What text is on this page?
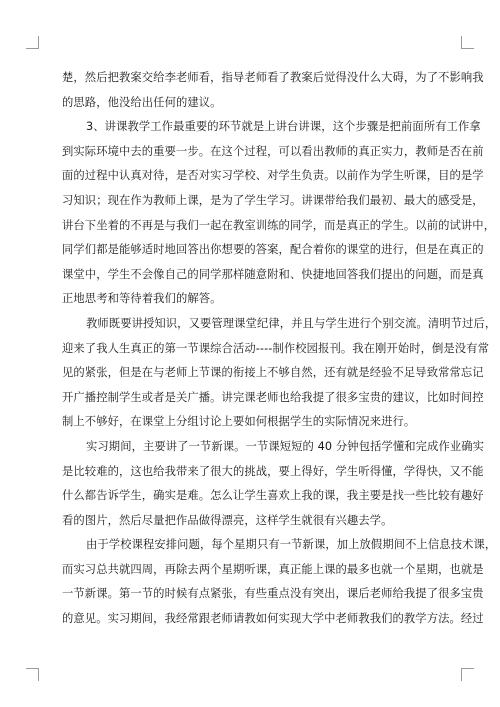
楚，然后把教案交给李老师看，指导老师看了教案后觉得没什么大碍，为了不影响我
的思路，他没给出任何的建议。
3、讲课教学工作最重要的环节就是上讲台讲课，这个步骤是把前面所有工作拿
到实际环境中去的重要一步。在这个过程，可以看出教师的真正实力，教师是否在前
面的过程中认真对待，是否对实习学校、对学生负责。以前作为学生听课，目的是学
习知识；现在作为教师上课，是为了学生学习。讲课带给我们最初、最大的感受是，
讲台下坐着的不再是与我们一起在教室训练的同学，而是真正的学生。以前的试讲中，
同学们都是能够适时地回答出你想要的答案，配合着你的课堂的进行，但是在真正的
课堂中，学生不会像自己的同学那样随意附和、快捷地回答我们提出的问题，而是真
正地思考和等待着我们的解答。
教师既要讲授知识，又要管理课堂纪律，并且与学生进行个别交流。清明节过后，
迎来了我人生真正的第一节课综合活动----制作校园报刊。我在刚开始时，倒是没有常
见的紧张，但是在与老师上节课的衔接上不够自然，还有就是经验不足导致常常忘记
开广播控制学生或者是关广播。讲完课老师也给我提了很多宝贵的建议，比如时间控
制上不够好，在课堂上分组讨论上要如何根据学生的实际情况来进行。
实习期间，主要讲了一节新课。一节课短短的 40 分钟包括学懂和完成作业确实
是比较难的，这也给我带来了很大的挑战，要上得好，学生听得懂，学得快，又不能
什么都告诉学生，确实是难。怎么让学生喜欢上我的课，我主要是找一些比较有趣好
看的图片，然后尽量把作品做得漂亮，这样学生就很有兴趣去学。
由于学校课程安排问题，每个星期只有一节新课，加上放假期间不上信息技术课，
而实习总共就四周，再除去两个星期听课，真正能上课的最多也就一个星期，也就是
一节新课。第一节的时候有点紧张，有些重点没有突出，课后老师给我提了很多宝贵
的意见。实习期间，我经常跟老师请教如何实现大学中老师教我们的教学方法。经过
